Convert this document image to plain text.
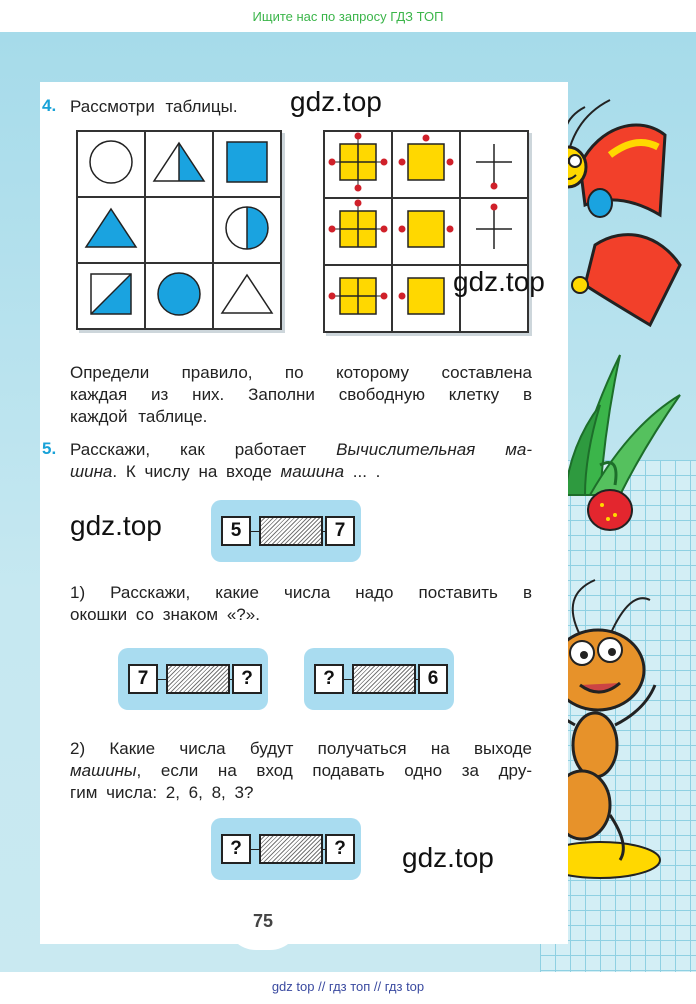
Ищите нас по запросу ГДЗ ТОП
4. Рассмотри таблицы. gdz.top

gdz.top
Определи правило, по которому составлена
каждая из них. Заполни свободную клетку в
каждой таблице.
5. Расскажи, как работает Вычислительная ма-
шина. К числу на входе машина ... .
gdz.top	5	7
1) Расскажи, какие числа надо поставить в
окошки со знаком «?».
7	?	?	6
2) Какие числа будут получаться на выходе
машины, если на вход подавать одно за дру-
гим числа: 2, 6, 8, 3?
?	?	gdz.top
75
gdz top // гдз топ // гдз top
